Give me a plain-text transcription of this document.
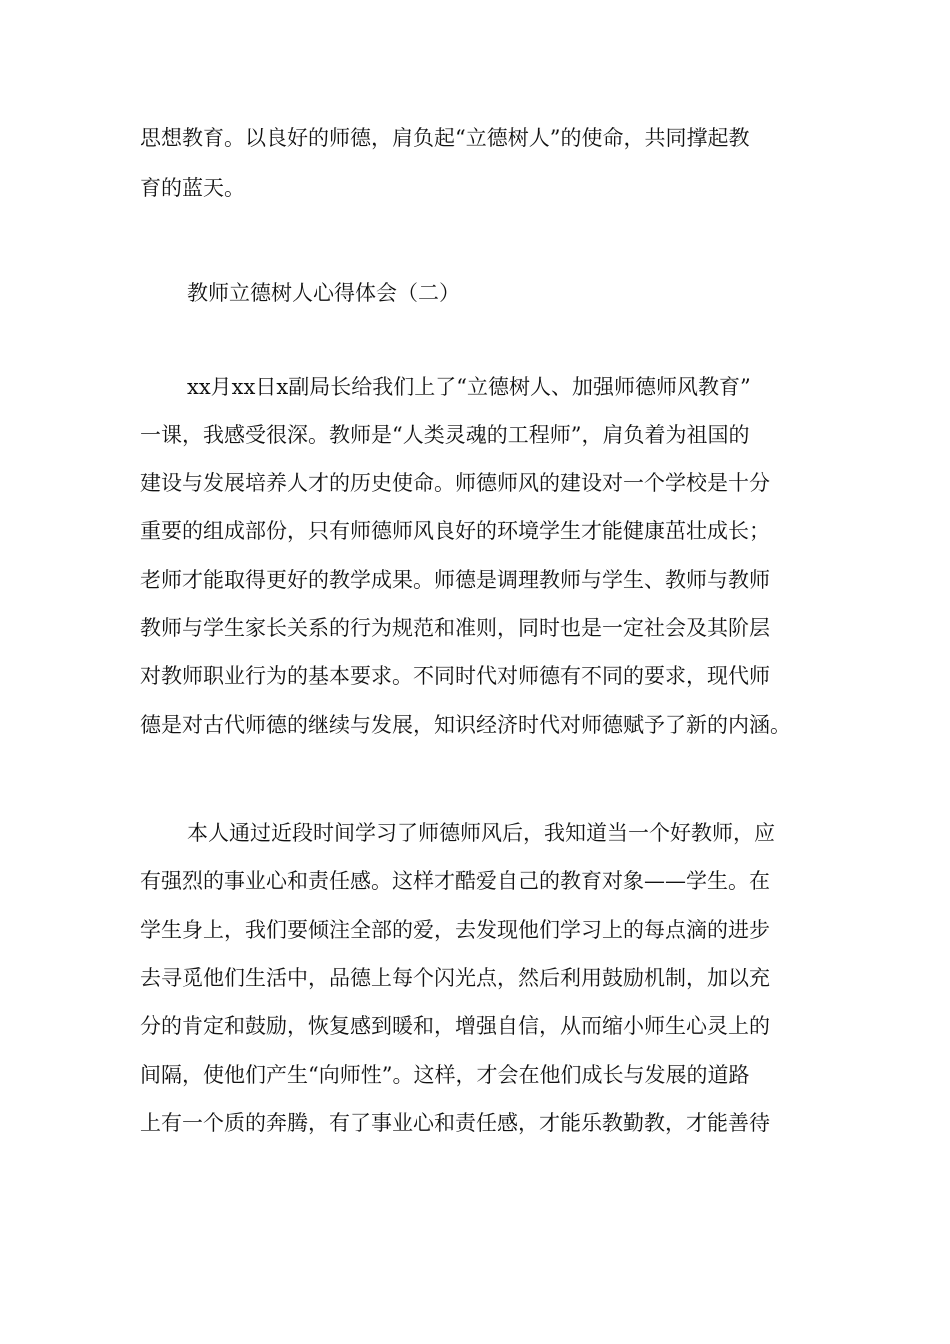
思想教育。以良好的师德，肩负起“立德树人”的使命，共同撑起教

育的蓝天。

教师立德树人心得体会（二）

xx月xx日x副局长给我们上了“立德树人、加强师德师风教育”

一课，我感受很深。教师是“人类灵魂的工程师”，肩负着为祖国的

建设与发展培养人才的历史使命。师德师风的建设对一个学校是十分

重要的组成部份，只有师德师风良好的环境学生才能健康茁壮成长；

老师才能取得更好的教学成果。师德是调理教师与学生、教师与教师

教师与学生家长关系的行为规范和准则，同时也是一定社会及其阶层

对教师职业行为的基本要求。不同时代对师德有不同的要求，现代师

德是对古代师德的继续与发展，知识经济时代对师德赋予了新的内涵。

本人通过近段时间学习了师德师风后，我知道当一个好教师，应

有强烈的事业心和责任感。这样才酷爱自己的教育对象——学生。在

学生身上，我们要倾注全部的爱，去发现他们学习上的每点滴的进步

去寻觅他们生活中，品德上每个闪光点，然后利用鼓励机制，加以充

分的肯定和鼓励，恢复感到暖和，增强自信，从而缩小师生心灵上的

间隔，使他们产生“向师性”。这样，才会在他们成长与发展的道路

上有一个质的奔腾，有了事业心和责任感，才能乐教勤教，才能善待
